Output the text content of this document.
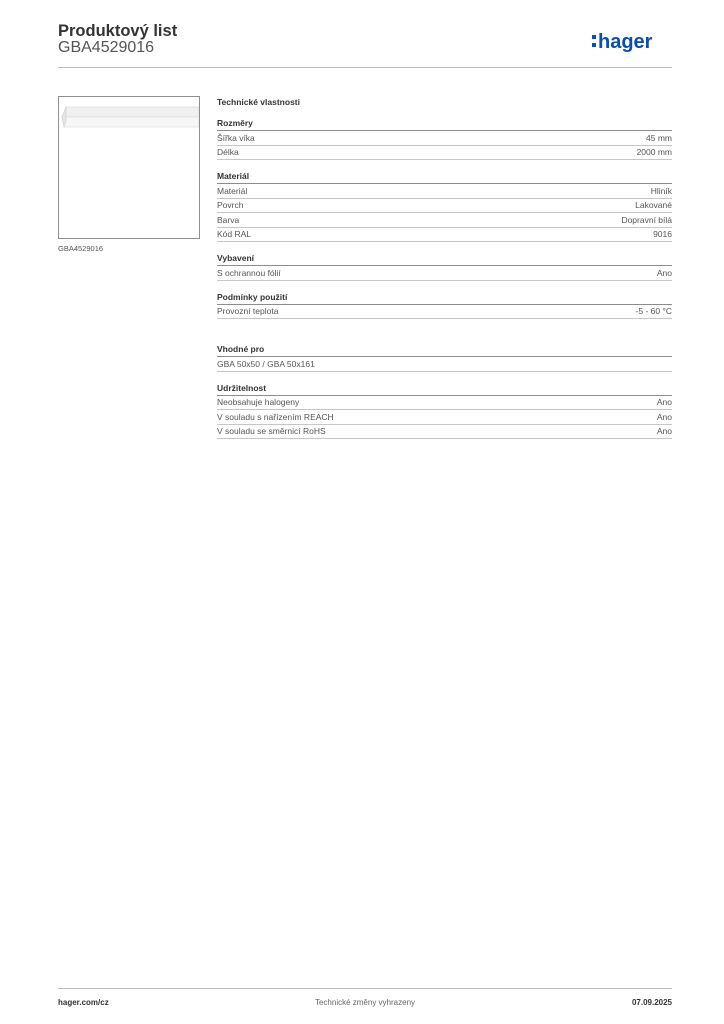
Produktový list
GBA4529016	hager
GBA4529016
Technické vlastnosti
Rozměry
Šířka víka	45 mm
Délka	2000 mm
Materiál
Materiál	Hliník
Povrch	Lakované
Barva	Dopravní bílá
Kód RAL	9016
Vybavení
S ochrannou fólií	Ano
Podmínky použití
Provozní teplota	-5 - 60 °C
Vhodné pro
GBA 50x50 / GBA 50x161
Udržitelnost
Neobsahuje halogeny	Ano
V souladu s nařízením REACH	Ano
V souladu se směrnicí RoHS	Ano
Technické změny vyhrazeny
hager.com/cz	07.09.2025
